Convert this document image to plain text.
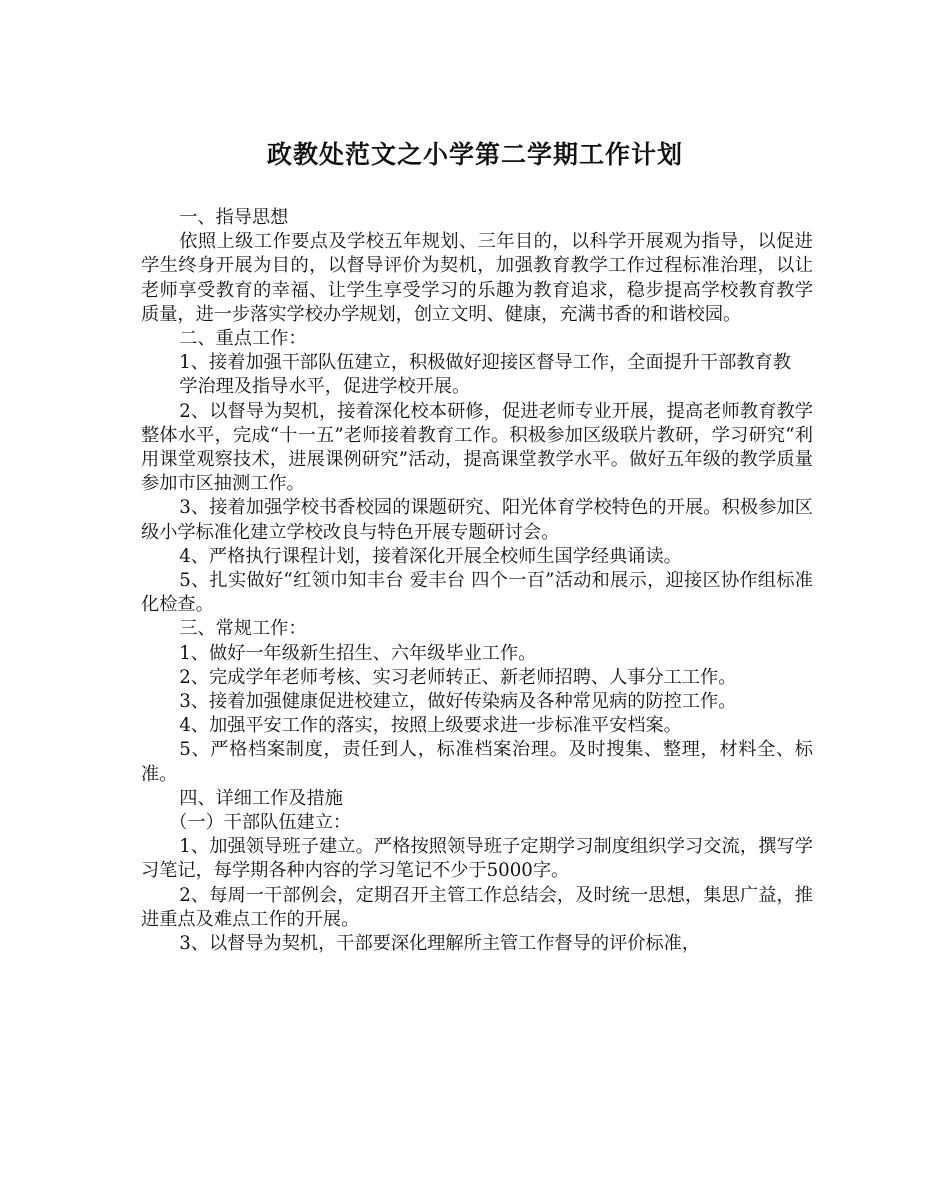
政教处范文之小学第二学期工作计划

一、指导思想

依照上级工作要点及学校五年规划、三年目的，以科学开展观为指导，以促进学生终身开展为目的，以督导评价为契机，加强教育教学工作过程标准治理，以让老师享受教育的幸福、让学生享受学习的乐趣为教育追求，稳步提高学校教育教学质量，进一步落实学校办学规划，创立文明、健康，充满书香的和谐校园。

二、重点工作：

1、接着加强干部队伍建立，积极做好迎接区督导工作，全面提升干部教育教

学治理及指导水平，促进学校开展。

2、以督导为契机，接着深化校本研修，促进老师专业开展，提高老师教育教学整体水平，完成“十一五”老师接着教育工作。积极参加区级联片教研，学习研究“利用课堂观察技术，进展课例研究”活动，提高课堂教学水平。做好五年级的教学质量参加市区抽测工作。

3、接着加强学校书香校园的课题研究、阳光体育学校特色的开展。积极参加区级小学标准化建立学校改良与特色开展专题研讨会。

4、严格执行课程计划，接着深化开展全校师生国学经典诵读。

5、扎实做好“红领巾知丰台 爱丰台 四个一百”活动和展示，迎接区协作组标准化检查。

三、常规工作：

1、做好一年级新生招生、六年级毕业工作。

2、完成学年老师考核、实习老师转正、新老师招聘、人事分工工作。

3、接着加强健康促进校建立，做好传染病及各种常见病的防控工作。

4、加强平安工作的落实，按照上级要求进一步标准平安档案。

5、严格档案制度，责任到人，标准档案治理。及时搜集、整理，材料全、标准。

四、详细工作及措施

（一）干部队伍建立：

1、加强领导班子建立。严格按照领导班子定期学习制度组织学习交流，撰写学习笔记，每学期各种内容的学习笔记不少于5000字。

2、每周一干部例会，定期召开主管工作总结会，及时统一思想，集思广益，推进重点及难点工作的开展。

3、以督导为契机，干部要深化理解所主管工作督导的评价标准，
